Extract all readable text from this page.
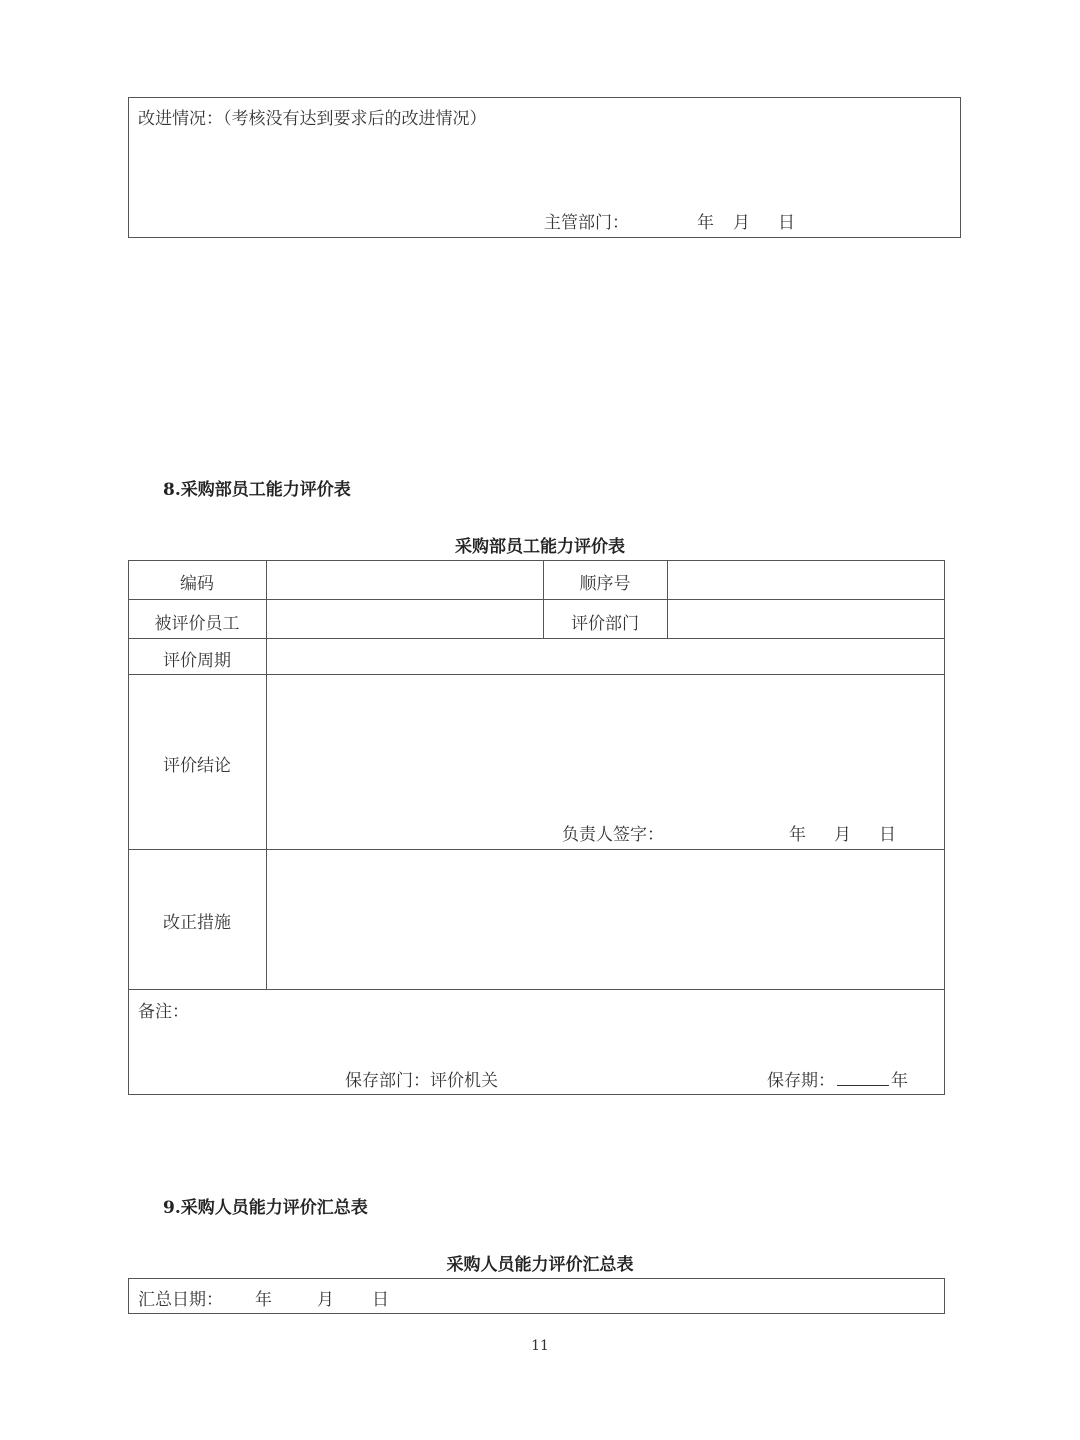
改进情况：（考核没有达到要求后的改进情况）
主管部门：	年 月 日
8.采购部员工能力评价表
采购部员工能力评价表
编码	顺序号
被评价员工	评价部门
评价周期
评价结论
负责人签字：	年 月 日
改正措施
备注：
保存部门：评价机关	保存期：	年
9.采购人员能力评价汇总表
采购人员能力评价汇总表
汇总日期： 年	月 日
11
